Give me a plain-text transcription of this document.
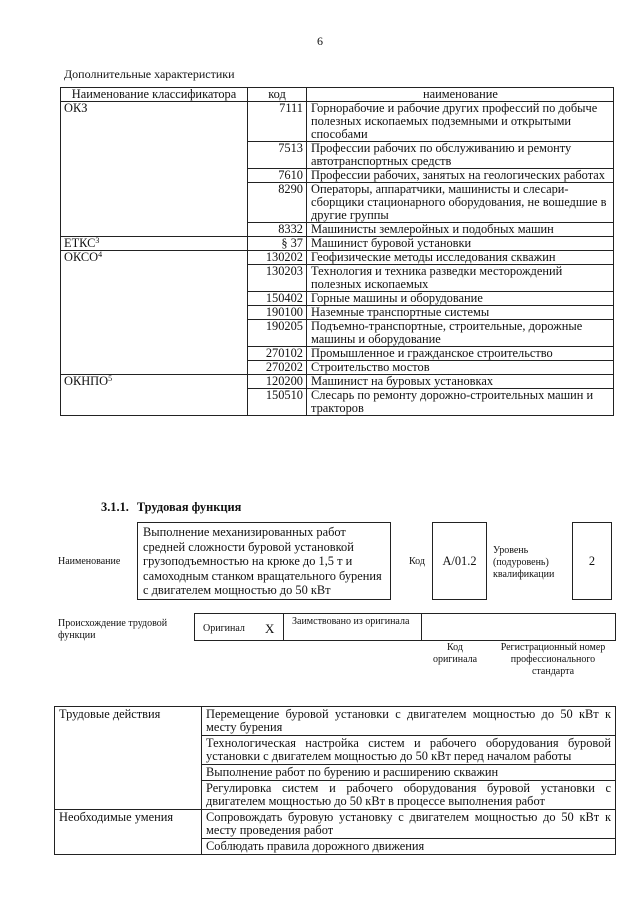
6
Дополнительные характеристики
Наименование классификатора	код	наименование
ОКЗ	7111	Горнорабочие и рабочие других профессий по добыче полезных ископаемых подземными и открытыми способами
	7513	Профессии рабочих по обслуживанию и ремонту автотранспортных средств
	7610	Профессии рабочих, занятых на геологических работах
	8290	Операторы, аппаратчики, машинисты и слесари-сборщики стационарного оборудования, не вошедшие в другие группы
	8332	Машинисты землеройных и подобных машин
ЕТКС$^3$	§ 37	Машинист буровой установки
ОКСО$^4$	130202	Геофизические методы исследования скважин
	130203	Технология и техника разведки месторождений полезных ископаемых
	150402	Горные машины и оборудование
	190100	Наземные транспортные системы
	190205	Подъемно-транспортные, строительные, дорожные машины и оборудование
	270102	Промышленное и гражданское строительство
	270202	Строительство мостов
ОКНПО$^5$	120200	Машинист на буровых установках
	150510	Слесарь по ремонту дорожно-строительных машин и тракторов
3.1.1. Трудовая функция
Наименование
Выполнение механизированных работ средней сложности буровой установкой грузоподъемностью на крюке до 1,5 т и самоходным станком вращательного бурения с двигателем мощностью до 50 кВт
Код	A/01.2
Уровень (подуровень) квалификации
2
Происхождение трудовой функции
Оригинал X Заимствовано из оригинала
Код оригинала
Регистрационный номер профессионального стандарта
Трудовые действия	Перемещение буровой установки с двигателем мощностью до 50 кВт к месту бурения
	Технологическая настройка систем и рабочего оборудования буровой установки с двигателем мощностью до 50 кВт перед началом работы
	Выполнение работ по бурению и расширению скважин
	Регулировка систем и рабочего оборудования буровой установки с двигателем мощностью до 50 кВт в процессе выполнения работ
Необходимые умения	Сопровождать буровую установку с двигателем мощностью до 50 кВт к месту проведения работ
	Соблюдать правила дорожного движения
